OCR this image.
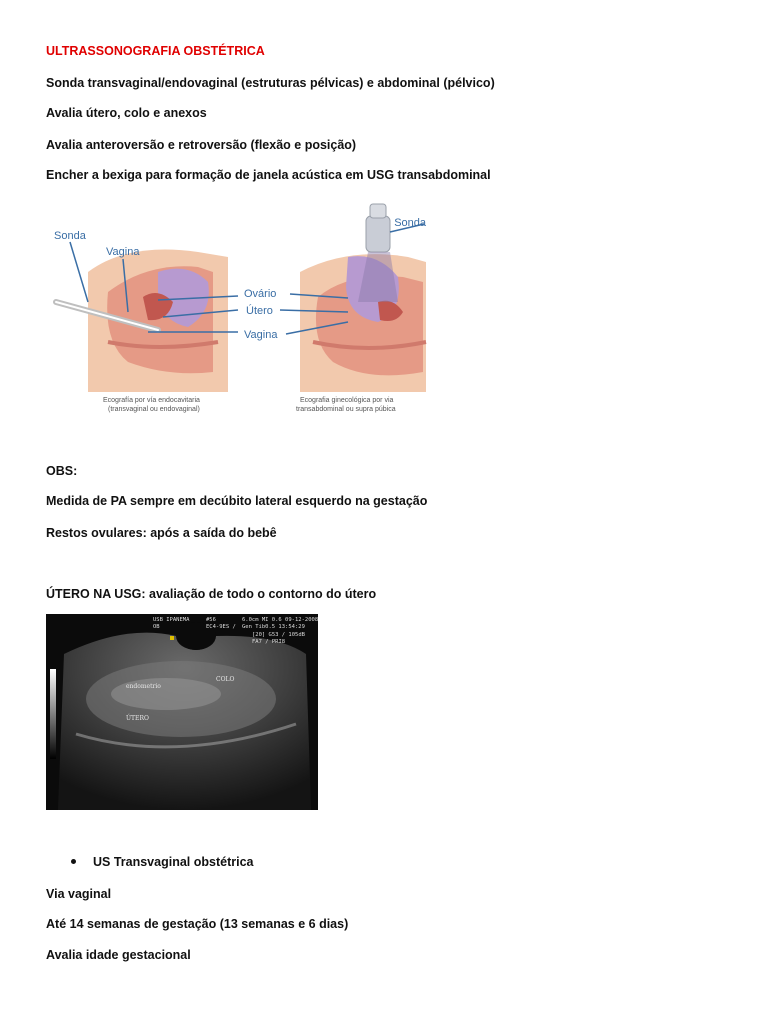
ULTRASSONOGRAFIA OBSTÉTRICA
Sonda transvaginal/endovaginal (estruturas pélvicas) e abdominal (pélvico)
Avalia útero, colo e anexos
Avalia anteroversão e retroversão (flexão e posição)
Encher a bexiga para formação de janela acústica em USG transabdominal
Sonda
Vagina
Ecografía por vía endocavitaria
(transvaginal ou endovaginal)
Sonda
Ovário
Útero
Vagina
Ecografia ginecológica por via
transabdominal ou supra púbica
OBS:
Medida de PA sempre em decúbito lateral esquerdo na gestação
Restos ovulares: após a saída do bebê
ÚTERO NA USG: avaliação de todo o contorno do útero
USB IPANEMA
OB
#56
EC4-9ES /
6.0cm MI 0.6 09-12-2008
Gen Tib0.5 13:54:29
[20] G53 / 105dB
FA7 / PRI8
endometrio
COLO
ÚTERO
US Transvaginal obstétrica
Via vaginal
Até 14 semanas de gestação (13 semanas e 6 dias)
Avalia idade gestacional
